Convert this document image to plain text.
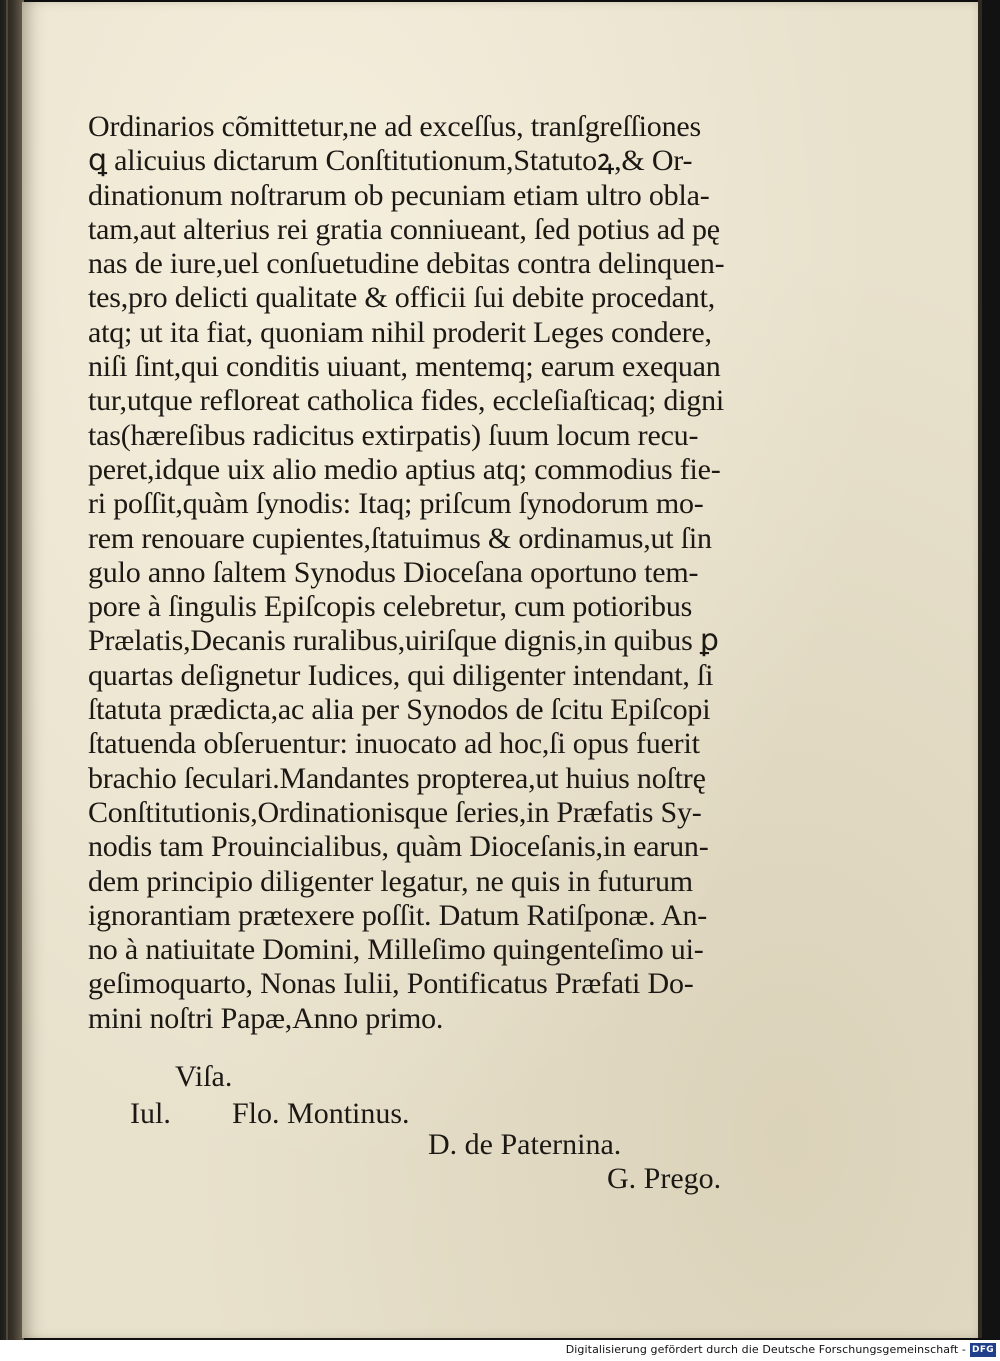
Ordinarios cõmittetur,ne ad exceſſus, tranſgreſſiones
ꝗ alicuius dictarum Conſtitutionum,Statutoꝝ,& Or-
dinationum noſtrarum ob pecuniam etiam ultro obla-
tam,aut alterius rei gratia conniueant, ſed potius ad pę
nas de iure,uel conſuetudine debitas contra delinquen-
tes,pro delicti qualitate & officii ſui debite procedant,
atq; ut ita fiat, quoniam nihil proderit Leges condere,
niſi ſint,qui conditis uiuant, mentemq; earum exequan
tur,utque refloreat catholica fides, eccleſiaſticaq; digni
tas(hæreſibus radicitus extirpatis) ſuum locum recu-
peret,idque uix alio medio aptius atq; commodius fie-
ri poſſit,quàm ſynodis: Itaq; priſcum ſynodorum mo-
rem renouare cupientes,ſtatuimus & ordinamus,ut ſin
gulo anno ſaltem Synodus Dioceſana oportuno tem-
pore à ſingulis Epiſcopis celebretur, cum potioribus
Prælatis,Decanis ruralibus,uiriſque dignis,in quibus ꝑ
quartas deſignetur Iudices, qui diligenter intendant, ſi
ſtatuta prædicta,ac alia per Synodos de ſcitu Epiſcopi
ſtatuenda obſeruentur: inuocato ad hoc,ſi opus fuerit
brachio ſeculari.Mandantes propterea,ut huius noſtrę
Conſtitutionis,Ordinationisque ſeries,in Præfatis Sy-
nodis tam Prouincialibus, quàm Dioceſanis,in earun-
dem principio diligenter legatur, ne quis in futurum
ignorantiam prætexere poſſit. Datum Ratiſponæ. An-
no à natiuitate Domini, Milleſimo quingenteſimo ui-
geſimoquarto, Nonas Iulii, Pontificatus Præfati Do-
mini noſtri Papæ,Anno primo.
Viſa.
Iul. Flo. Montinus.
D. de Paternina.
G. Prego.
Digitalisierung gefördert durch die Deutsche Forschungsgemeinschaft - DFG
